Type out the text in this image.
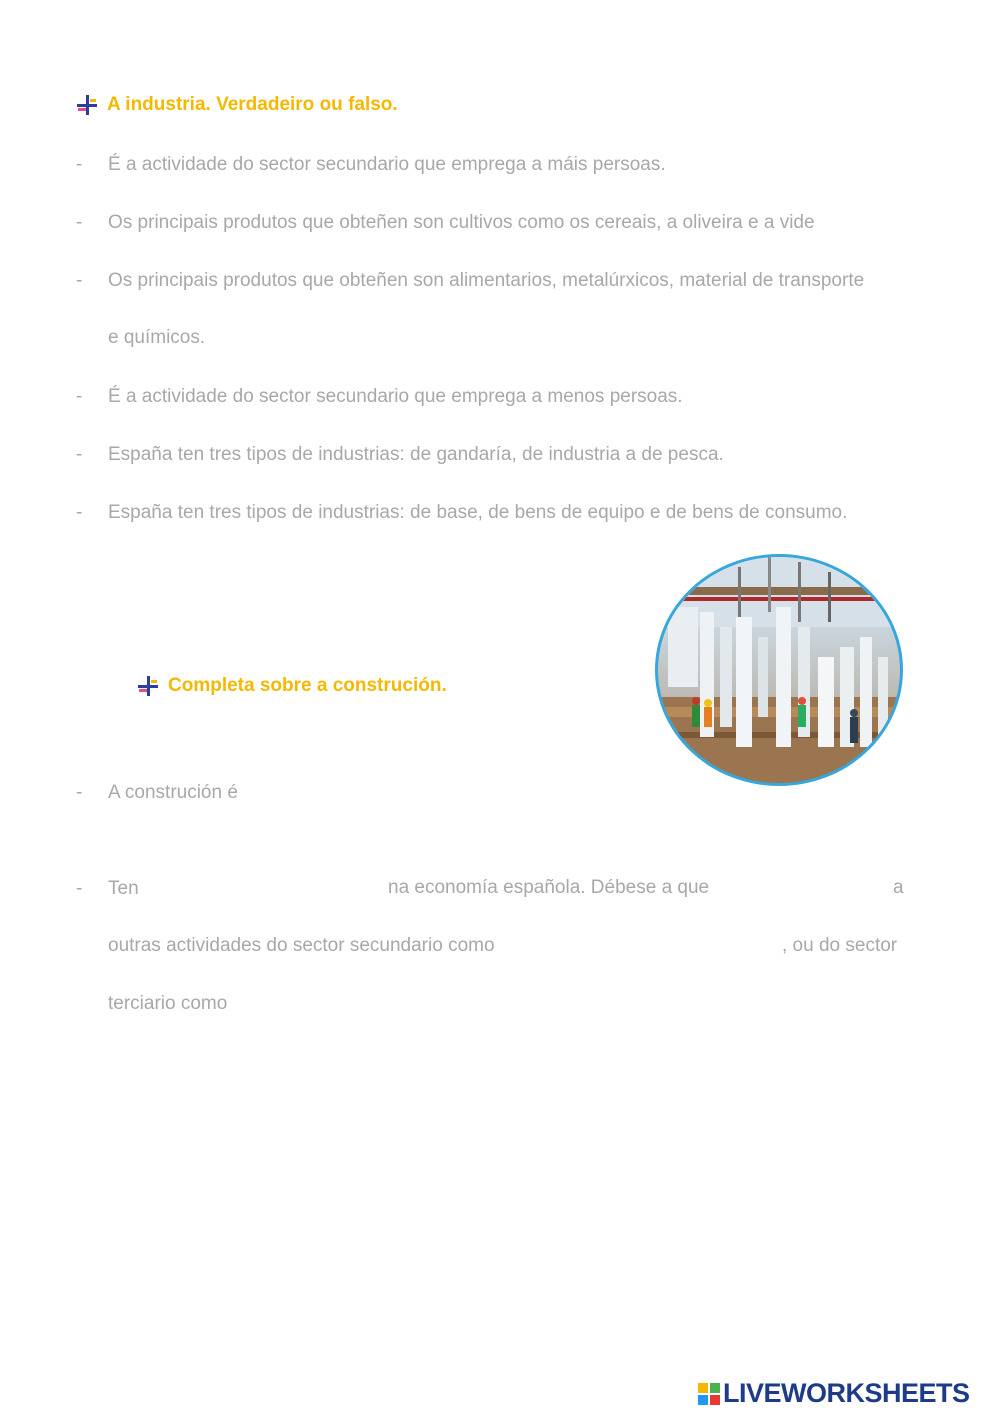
A industria. Verdadeiro ou falso.
- É a actividade do sector secundario que emprega a máis persoas.
- Os principais produtos que obteñen son cultivos como os cereais, a oliveira e a vide
- Os principais produtos que obteñen son alimentarios, metalúrxicos, material de transporte
e químicos.
- É a actividade do sector secundario que emprega a menos persoas.
- España ten tres tipos de industrias: de gandaría, de industria a de pesca.
- España ten tres tipos de industrias: de base, de bens de equipo e de bens de consumo.
Completa sobre a construción.
- A construción é
- Ten	na economía española. Débese a que	a
outras actividades do sector secundario como	, ou do sector
terciario como
LIVEWORKSHEETS
